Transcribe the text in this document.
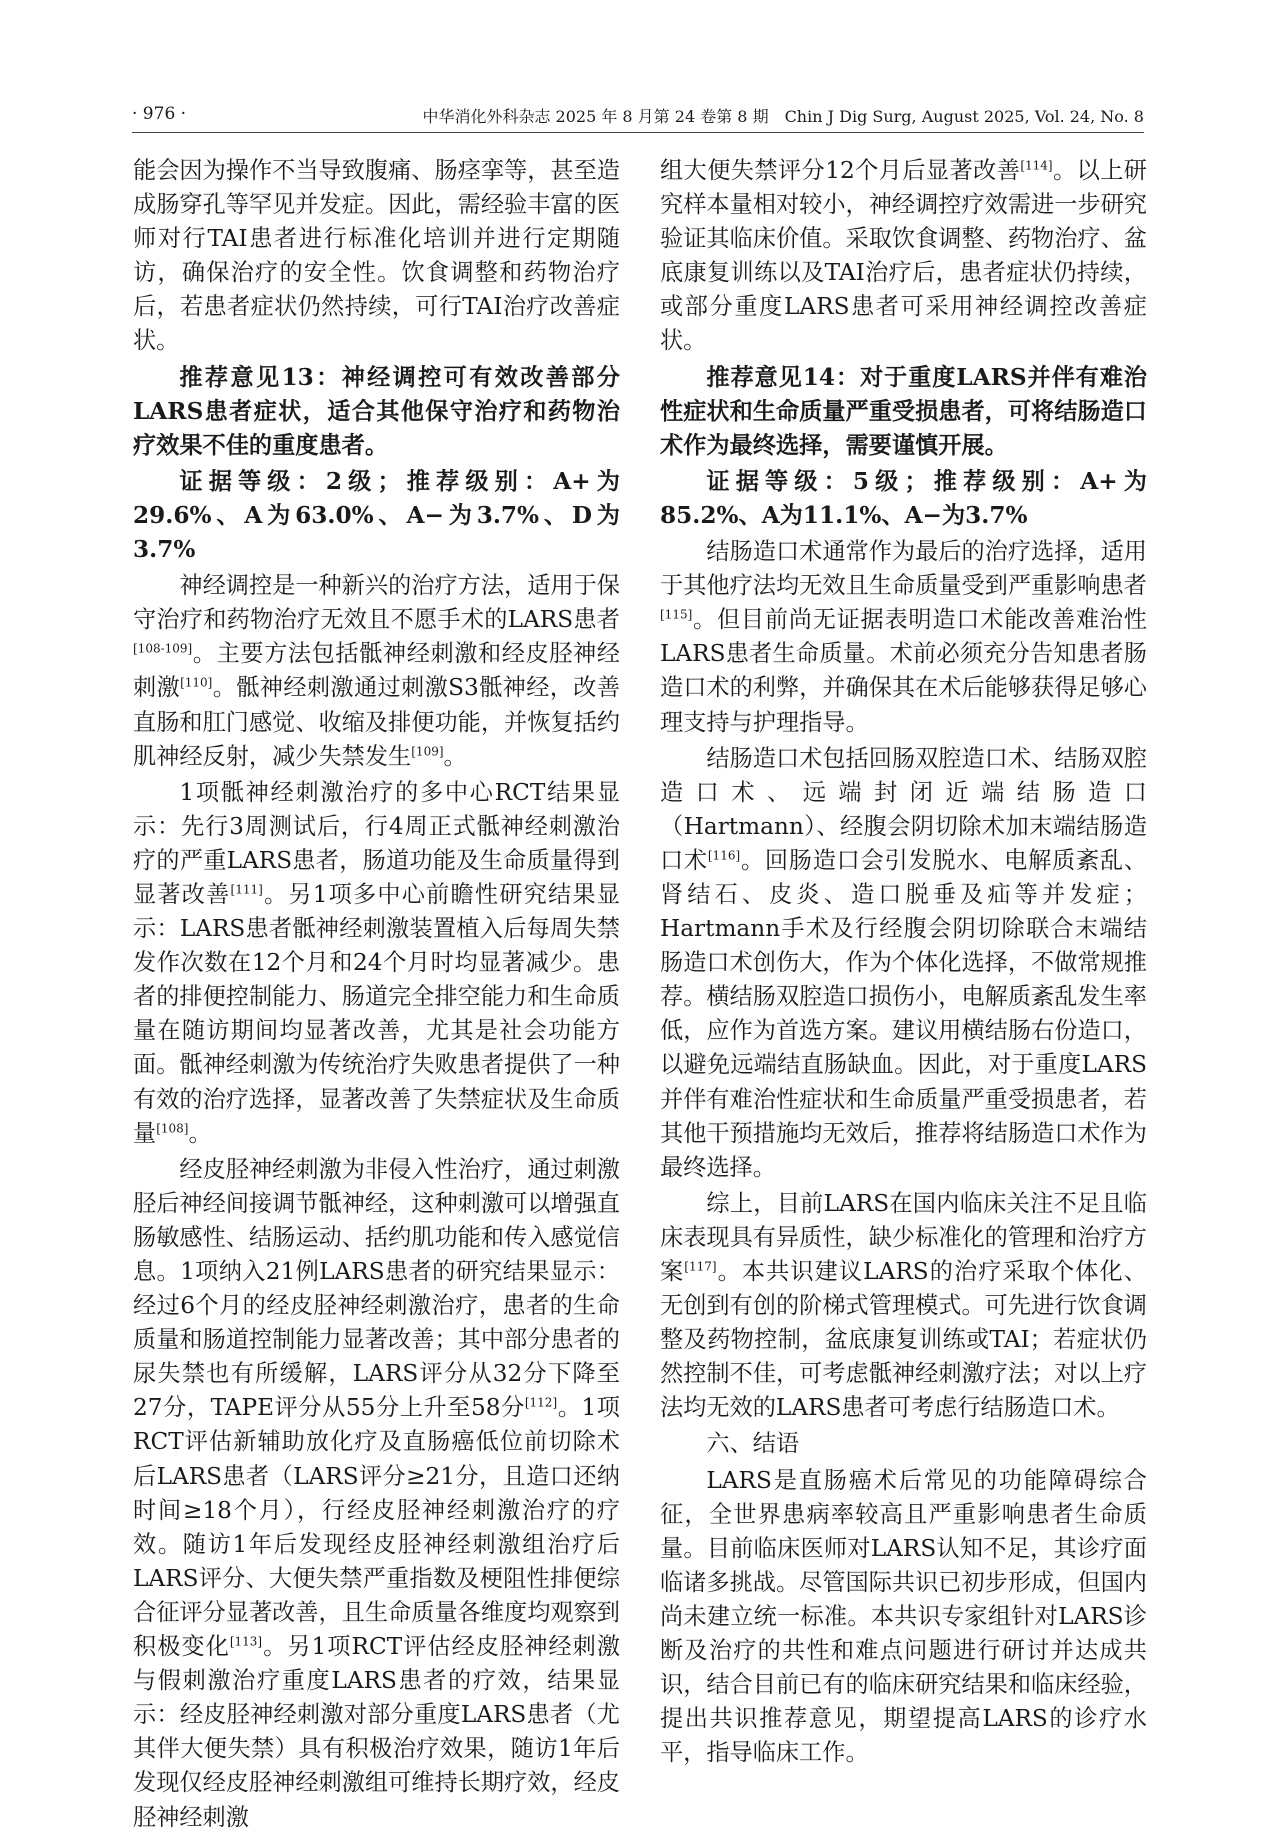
· 976 ·	中华消化外科杂志 2025 年 8 月第 24 卷第 8 期　Chin J Dig Surg, August 2025, Vol. 24, No. 8

能会因为操作不当导致腹痛、肠痉挛等，甚至造成肠穿孔等罕见并发症。因此，需经验丰富的医师对行TAI患者进行标准化培训并进行定期随访，确保治疗的安全性。饮食调整和药物治疗后，若患者症状仍然持续，可行TAI治疗改善症状。

推荐意见13：神经调控可有效改善部分LARS患者症状，适合其他保守治疗和药物治疗效果不佳的重度患者。

证据等级：2级；推荐级别：A+为29.6%、A为63.0%、A−为3.7%、D为3.7%

神经调控是一种新兴的治疗方法，适用于保守治疗和药物治疗无效且不愿手术的LARS患者[108‑109]。主要方法包括骶神经刺激和经皮胫神经刺激[110]。骶神经刺激通过刺激S3骶神经，改善直肠和肛门感觉、收缩及排便功能，并恢复括约肌神经反射，减少失禁发生[109]。

1项骶神经刺激治疗的多中心RCT结果显示：先行3周测试后，行4周正式骶神经刺激治疗的严重LARS患者，肠道功能及生命质量得到显著改善[111]。另1项多中心前瞻性研究结果显示：LARS患者骶神经刺激装置植入后每周失禁发作次数在12个月和24个月时均显著减少。患者的排便控制能力、肠道完全排空能力和生命质量在随访期间均显著改善，尤其是社会功能方面。骶神经刺激为传统治疗失败患者提供了一种有效的治疗选择，显著改善了失禁症状及生命质量[108]。

经皮胫神经刺激为非侵入性治疗，通过刺激胫后神经间接调节骶神经，这种刺激可以增强直肠敏感性、结肠运动、括约肌功能和传入感觉信息。1项纳入21例LARS患者的研究结果显示：经过6个月的经皮胫神经刺激治疗，患者的生命质量和肠道控制能力显著改善；其中部分患者的尿失禁也有所缓解，LARS评分从32分下降至27分，TAPE评分从55分上升至58分[112]。1项RCT评估新辅助放化疗及直肠癌低位前切除术后LARS患者（LARS评分≥21分，且造口还纳时间≥18个月），行经皮胫神经刺激治疗的疗效。随访1年后发现经皮胫神经刺激组治疗后LARS评分、大便失禁严重指数及梗阻性排便综合征评分显著改善，且生命质量各维度均观察到积极变化[113]。另1项RCT评估经皮胫神经刺激与假刺激治疗重度LARS患者的疗效，结果显示：经皮胫神经刺激对部分重度LARS患者（尤其伴大便失禁）具有积极治疗效果，随访1年后发现仅经皮胫神经刺激组可维持长期疗效，经皮胫神经刺激

组大便失禁评分12个月后显著改善[114]。以上研究样本量相对较小，神经调控疗效需进一步研究验证其临床价值。采取饮食调整、药物治疗、盆底康复训练以及TAI治疗后，患者症状仍持续，或部分重度LARS患者可采用神经调控改善症状。

推荐意见14：对于重度LARS并伴有难治性症状和生命质量严重受损患者，可将结肠造口术作为最终选择，需要谨慎开展。

证据等级：5级；推荐级别：A+为85.2%、A为11.1%、A−为3.7%

结肠造口术通常作为最后的治疗选择，适用于其他疗法均无效且生命质量受到严重影响患者[115]。但目前尚无证据表明造口术能改善难治性LARS患者生命质量。术前必须充分告知患者肠造口术的利弊，并确保其在术后能够获得足够心理支持与护理指导。

结肠造口术包括回肠双腔造口术、结肠双腔造口术、远端封闭近端结肠造口（Hartmann）、经腹会阴切除术加末端结肠造口术[116]。回肠造口会引发脱水、电解质紊乱、肾结石、皮炎、造口脱垂及疝等并发症；Hartmann手术及行经腹会阴切除联合末端结肠造口术创伤大，作为个体化选择，不做常规推荐。横结肠双腔造口损伤小，电解质紊乱发生率低，应作为首选方案。建议用横结肠右份造口，以避免远端结直肠缺血。因此，对于重度LARS并伴有难治性症状和生命质量严重受损患者，若其他干预措施均无效后，推荐将结肠造口术作为最终选择。

综上，目前LARS在国内临床关注不足且临床表现具有异质性，缺少标准化的管理和治疗方案[117]。本共识建议LARS的治疗采取个体化、无创到有创的阶梯式管理模式。可先进行饮食调整及药物控制，盆底康复训练或TAI；若症状仍然控制不佳，可考虑骶神经刺激疗法；对以上疗法均无效的LARS患者可考虑行结肠造口术。

六、结语

LARS是直肠癌术后常见的功能障碍综合征，全世界患病率较高且严重影响患者生命质量。目前临床医师对LARS认知不足，其诊疗面临诸多挑战。尽管国际共识已初步形成，但国内尚未建立统一标准。本共识专家组针对LARS诊断及治疗的共性和难点问题进行研讨并达成共识，结合目前已有的临床研究结果和临床经验，提出共识推荐意见，期望提高LARS的诊疗水平，指导临床工作。
